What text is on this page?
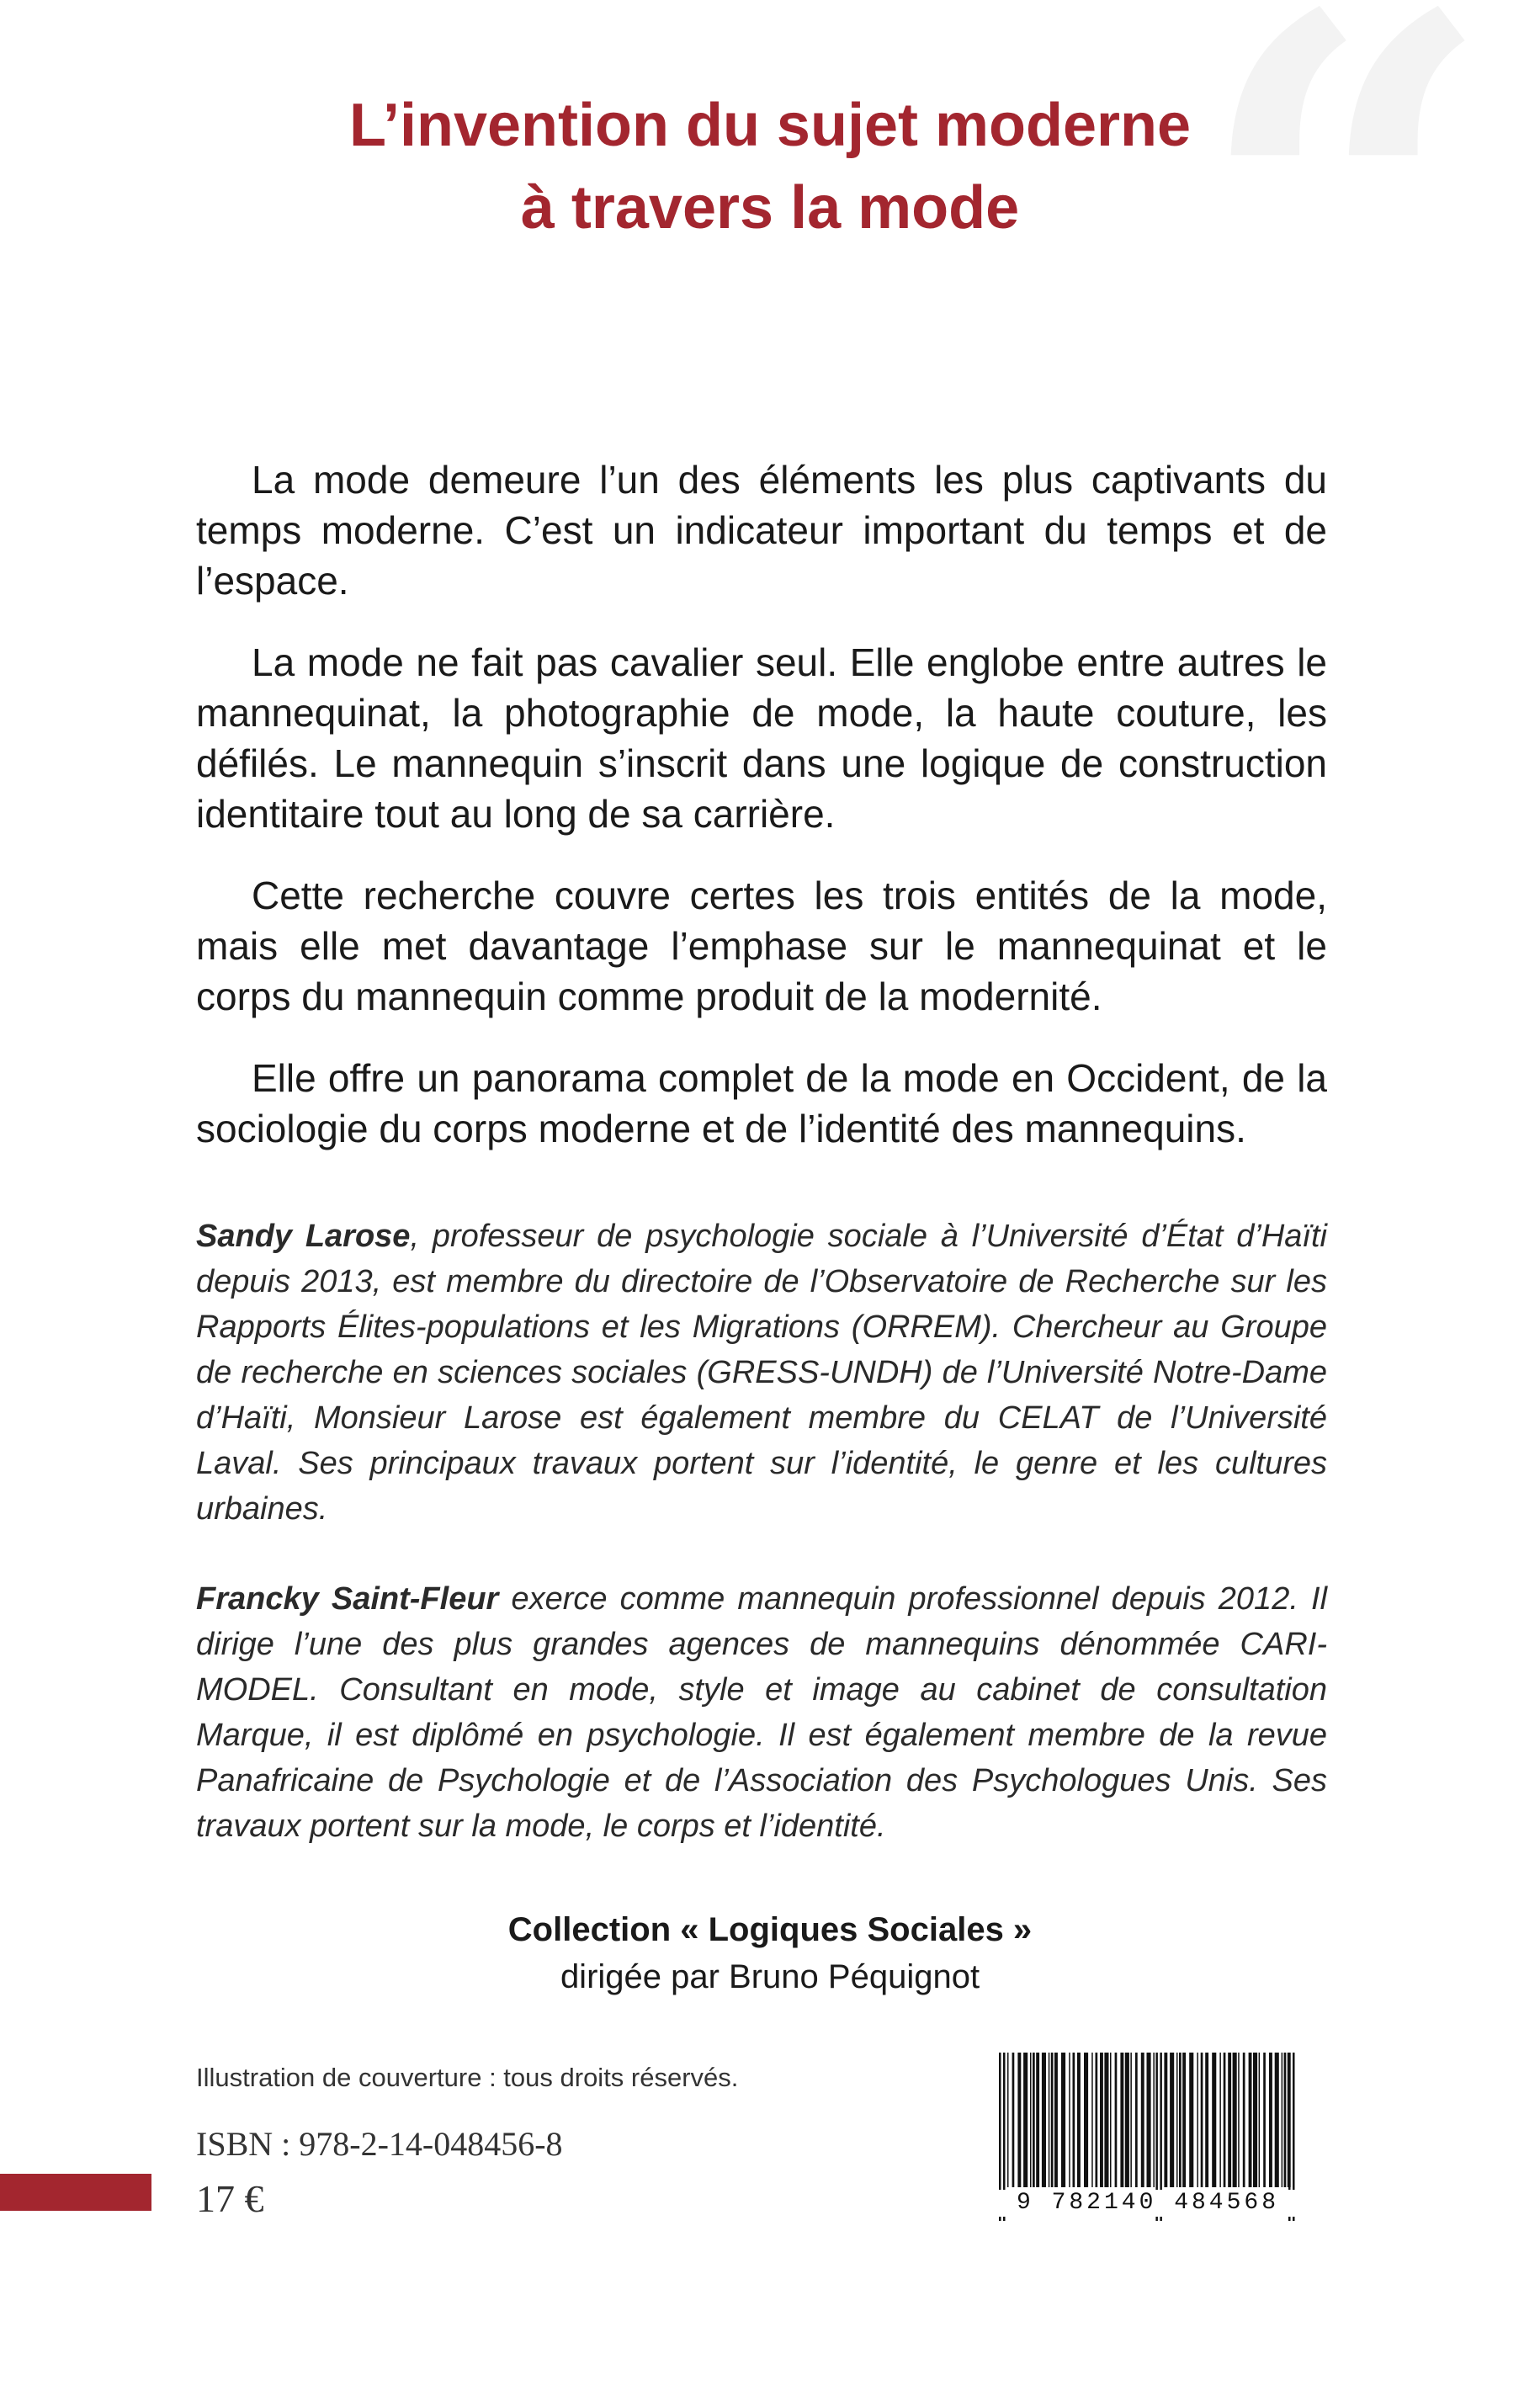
“
L’invention du sujet moderne
à travers la mode

La mode demeure l’un des éléments les plus captivants du temps moderne. C’est un indicateur important du temps et de l’espace.

La mode ne fait pas cavalier seul. Elle englobe entre autres le mannequinat, la photographie de mode, la haute couture, les défilés. Le mannequin s’inscrit dans une logique de construction identitaire tout au long de sa carrière.

Cette recherche couvre certes les trois entités de la mode, mais elle met davantage l’emphase sur le mannequinat et le corps du mannequin comme produit de la modernité.

Elle offre un panorama complet de la mode en Occident, de la sociologie du corps moderne et de l’identité des mannequins.

Sandy Larose, professeur de psychologie sociale à l’Université d’État d’Haïti depuis 2013, est membre du directoire de l’Observatoire de Recherche sur les Rapports Élites-populations et les Migrations (ORREM). Chercheur au Groupe de recherche en sciences sociales (GRESS-UNDH) de l’Université Notre-Dame d’Haïti, Monsieur Larose est également membre du CELAT de l’Université Laval. Ses principaux travaux portent sur l’identité, le genre et les cultures urbaines.

Francky Saint-Fleur exerce comme mannequin professionnel depuis 2012. Il dirige l’une des plus grandes agences de mannequins dénommée CARI-MODEL. Consultant en mode, style et image au cabinet de consultation Marque, il est diplômé en psychologie. Il est également membre de la revue Panafricaine de Psychologie et de l’Association des Psychologues Unis. Ses travaux portent sur la mode, le corps et l’identité.

Collection « Logiques Sociales »
dirigée par Bruno Péquignot
Illustration de couverture : tous droits réservés.
ISBN : 978-2-14-048456-8
17 €	9 782140 484568
